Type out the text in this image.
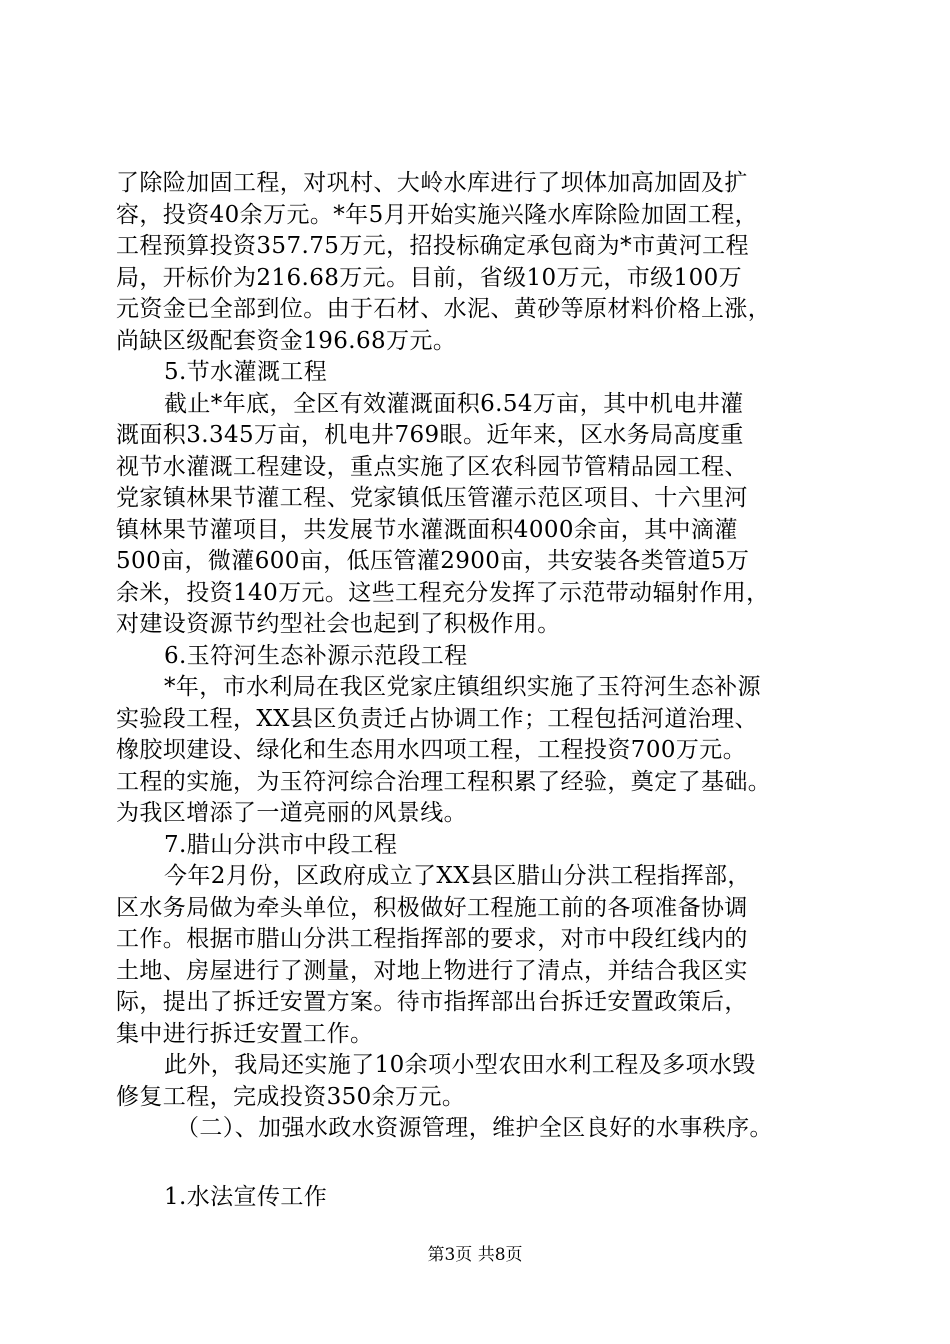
了除险加固工程，对巩村、大岭水库进行了坝体加高加固及扩
容，投资40余万元。*年5月开始实施兴隆水库除险加固工程，
工程预算投资357.75万元，招投标确定承包商为*市黄河工程
局，开标价为216.68万元。目前，省级10万元，市级100万
元资金已全部到位。由于石材、水泥、黄砂等原材料价格上涨，
尚缺区级配套资金196.68万元。
5.节水灌溉工程
截止*年底，全区有效灌溉面积6.54万亩，其中机电井灌
溉面积3.345万亩，机电井769眼。近年来，区水务局高度重
视节水灌溉工程建设，重点实施了区农科园节管精品园工程、
党家镇林果节灌工程、党家镇低压管灌示范区项目、十六里河
镇林果节灌项目，共发展节水灌溉面积4000余亩，其中滴灌
500亩，微灌600亩，低压管灌2900亩，共安装各类管道5万
余米，投资140万元。这些工程充分发挥了示范带动辐射作用，
对建设资源节约型社会也起到了积极作用。
6.玉符河生态补源示范段工程
*年，市水利局在我区党家庄镇组织实施了玉符河生态补源
实验段工程，XX县区负责迁占协调工作；工程包括河道治理、
橡胶坝建设、绿化和生态用水四项工程，工程投资700万元。
工程的实施，为玉符河综合治理工程积累了经验，奠定了基础。
为我区增添了一道亮丽的风景线。
7.腊山分洪市中段工程
今年2月份，区政府成立了XX县区腊山分洪工程指挥部，
区水务局做为牵头单位，积极做好工程施工前的各项准备协调
工作。根据市腊山分洪工程指挥部的要求，对市中段红线内的
土地、房屋进行了测量，对地上物进行了清点，并结合我区实
际，提出了拆迁安置方案。待市指挥部出台拆迁安置政策后，
集中进行拆迁安置工作。
此外，我局还实施了10余项小型农田水利工程及多项水毁
修复工程，完成投资350余万元。
（二）、加强水政水资源管理，维护全区良好的水事秩序。
1.水法宣传工作
第3页 共8页
